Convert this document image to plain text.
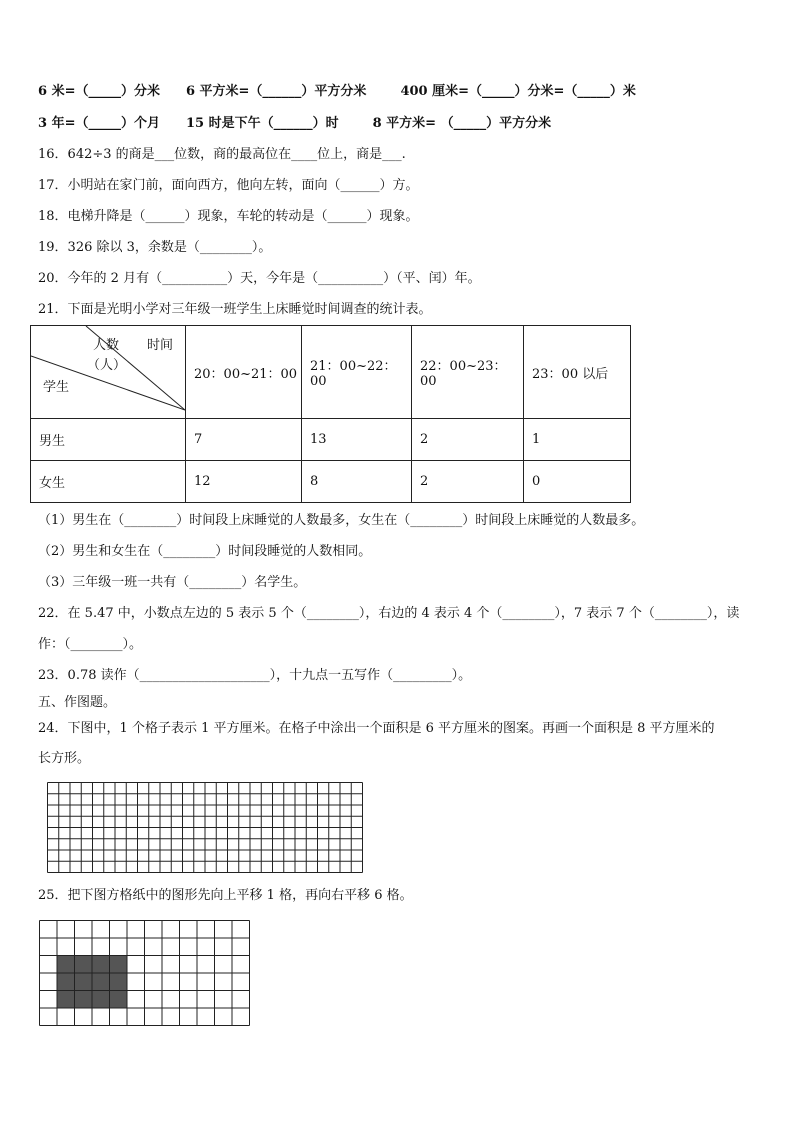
6 米=（_____）分米 6 平方米=（______）平方分米	400 厘米=（_____）分米=（_____）米
3 年=（_____）个月 15 时是下午（______）时	8 平方米= （_____）平方分米
16．642÷3 的商是___位数，商的最高位在____位上，商是___.
17．小明站在家门前，面向西方，他向左转，面向（______）方。
18．电梯升降是（______）现象，车轮的转动是（______）现象。
19．326 除以 3，余数是（________）。
20．今年的 2 月有（__________）天，今年是（__________）（平、闰）年。
21．下面是光明小学对三年级一班学生上床睡觉时间调查的统计表。
时间
人数
（人）
学生	20：00~21：00	21：00~22：00	22：00~23：00	23：00 以后
男生	7	13	2	1
女生	12	8	2	0
（1）男生在（________）时间段上床睡觉的人数最多，女生在（________）时间段上床睡觉的人数最多。
（2）男生和女生在（________）时间段睡觉的人数相同。
（3）三年级一班一共有（________）名学生。
22．在 5.47 中，小数点左边的 5 表示 5 个（________），右边的 4 表示 4 个（________），7 表示 7 个（________），读
作：（________）。
23．0.78 读作（____________________），十九点一五写作（_________）。
五、作图题。
24．下图中，1 个格子表示 1 平方厘米。在格子中涂出一个面积是 6 平方厘米的图案。再画一个面积是 8 平方厘米的
长方形。
25．把下图方格纸中的图形先向上平移 1 格，再向右平移 6 格。
